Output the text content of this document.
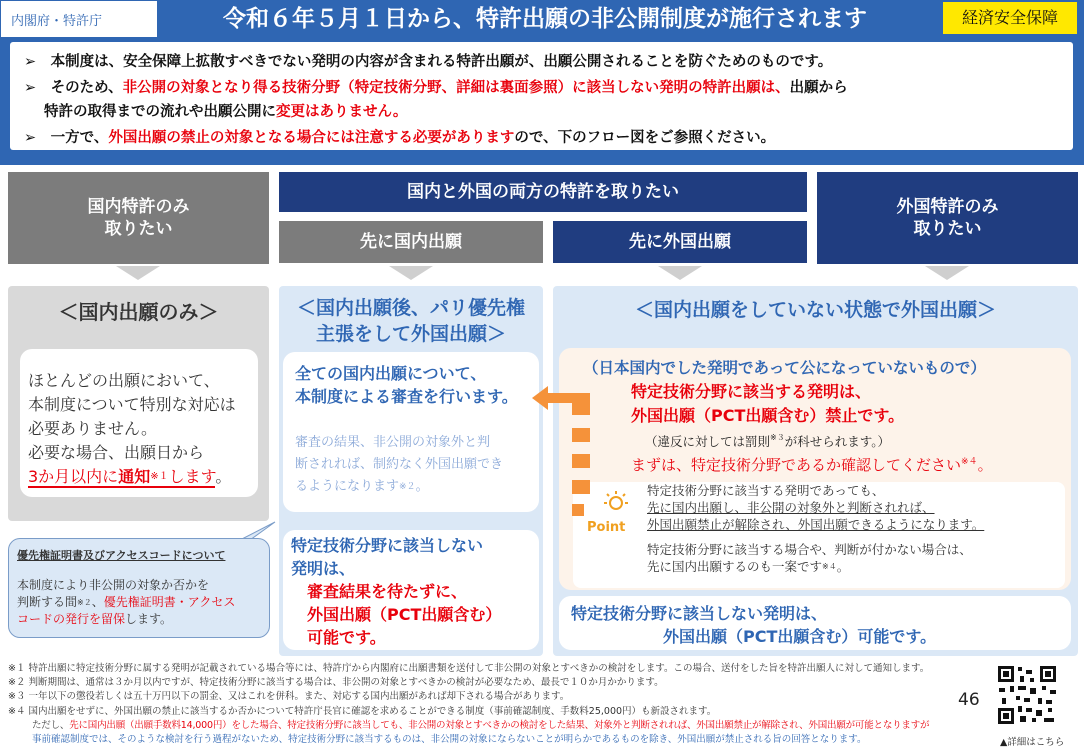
内閣府・特許庁	令和６年５月１日から、特許出願の非公開制度が施行されます	経済安全保障
➢　本制度は、安全保障上拡散すべきでない発明の内容が含まれる特許出願が、出願公開されることを防ぐためのものです。
➢　そのため、非公開の対象となり得る技術分野（特定技術分野、詳細は裏面参照）に該当しない発明の特許出願は、出願から
特許の取得までの流れや出願公開に変更はありません。
➢　一方で、外国出願の禁止の対象となる場合には注意する必要がありますので、下のフロー図をご参照ください。
国内特許のみ
取りたい
国内と外国の両方の特許を取りたい
先に国内出願	先に外国出願
外国特許のみ
取りたい
＜国内出願のみ＞
ほとんどの出願において、
本制度について特別な対応は
必要ありません。
必要な場合、出願日から
3か月以内に通知$^{※1}$します。
優先権証明書及びアクセスコードについて
本制度により非公開の対象か否かを
判断する間$^{※2}$、優先権証明書・アクセス
コードの発行を留保します。
＜国内出願後、パリ優先権
主張をして外国出願＞
全ての国内出願について、
本制度による審査を行います。
審査の結果、非公開の対象外と判
断されれば、制約なく外国出願でき
るようになります$^{※2}$。
特定技術分野に該当しない
発明は、
審査結果を待たずに、
外国出願（PCT出願含む）
可能です。
＜国内出願をしていない状態で外国出願＞
（日本国内でした発明であって公になっていないもので）
特定技術分野に該当する発明は、
外国出願（PCT出願含む）禁止です。
（違反に対しては罰則$^{※3}$が科せられます。）
まずは、特定技術分野であるか確認してください$^{※4}$。
Point
特定技術分野に該当する発明であっても、
先に国内出願し、非公開の対象外と判断されれば、
外国出願禁止が解除され、外国出願できるようになります。
特定技術分野に該当する場合や、判断が付かない場合は、
先に国内出願するのも一案です$^{※4}$。
特定技術分野に該当しない発明は、
外国出願（PCT出願含む）可能です。
※１ 特許出願に特定技術分野に属する発明が記載されている場合等には、特許庁から内閣府に出願書類を送付して非公開の対象とすべきかの検討をします。この場合、送付をした旨を特許出願人に対して通知します。
※２ 判断期間は、通常は３か月以内ですが、特定技術分野に該当する場合は、非公開の対象とすべきかの検討が必要なため、最長で１０か月かかります。
※３ 一年以下の懲役若しくは五十万円以下の罰金、又はこれを併科。また、対応する国内出願があれば却下される場合があります。
※４ 国内出願をせずに、外国出願の禁止に該当するか否かについて特許庁長官に確認を求めることができる制度（事前確認制度、手数料25,000円）も新設されます。
ただし、先に国内出願（出願手数料14,000円）をした場合、特定技術分野に該当しても、非公開の対象とすべきかの検討をした結果、対象外と判断されれば、外国出願禁止が解除され、外国出願が可能となりますが
事前確認制度では、そのような検討を行う過程がないため、特定技術分野に該当するものは、非公開の対象にならないことが明らかであるものを除き、外国出願が禁止される旨の回答となります。
46
▲詳細はこちら
